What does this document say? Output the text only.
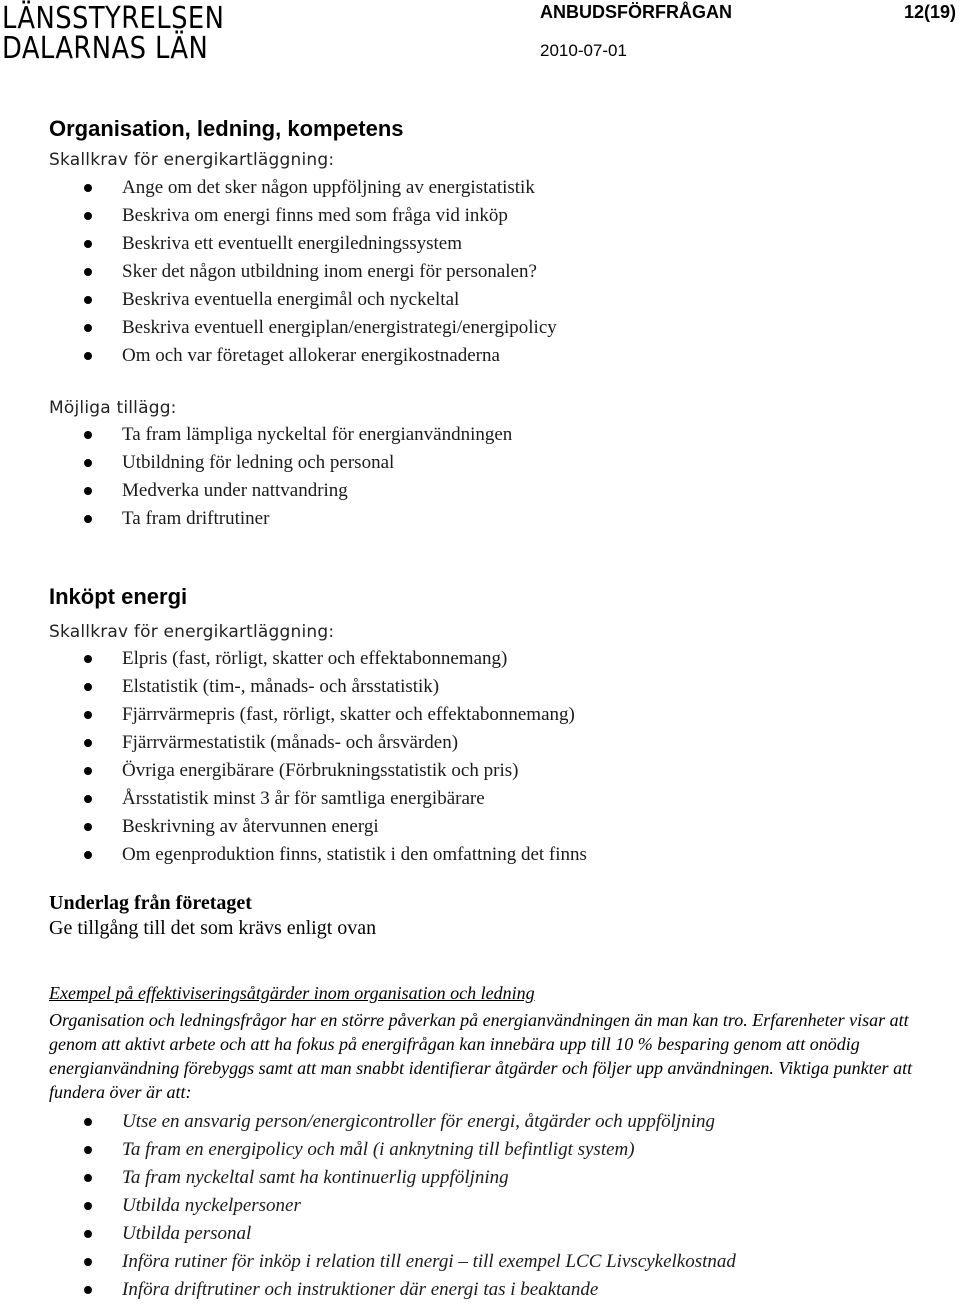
LÄNSSTYRELSEN
DALARNAS LÄN
ANBUDSFÖRFRÅGAN	12(19)
2010-07-01
Organisation, ledning, kompetens
Skallkrav för energikartläggning:
Ange om det sker någon uppföljning av energistatistik
Beskriva om energi finns med som fråga vid inköp
Beskriva ett eventuellt energiledningssystem
Sker det någon utbildning inom energi för personalen?
Beskriva eventuella energimål och nyckeltal
Beskriva eventuell energiplan/energistrategi/energipolicy
Om och var företaget allokerar energikostnaderna
Möjliga tillägg:
Ta fram lämpliga nyckeltal för energianvändningen
Utbildning för ledning och personal
Medverka under nattvandring
Ta fram driftrutiner
Inköpt energi
Skallkrav för energikartläggning:
Elpris (fast, rörligt, skatter och effektabonnemang)
Elstatistik (tim-, månads- och årsstatistik)
Fjärrvärmepris (fast, rörligt, skatter och effektabonnemang)
Fjärrvärmestatistik (månads- och årsvärden)
Övriga energibärare (Förbrukningsstatistik och pris)
Årsstatistik minst 3 år för samtliga energibärare
Beskrivning av återvunnen energi
Om egenproduktion finns, statistik i den omfattning det finns
Underlag från företaget
Ge tillgång till det som krävs enligt ovan
Exempel på effektiviseringsåtgärder inom organisation och ledning
Organisation och ledningsfrågor har en större påverkan på energianvändningen än man kan tro. Erfarenheter visar att genom att aktivt arbete och att ha fokus på energifrågan kan innebära upp till 10 % besparing genom att onödig energianvändning förebyggs samt att man snabbt identifierar åtgärder och följer upp användningen. Viktiga punkter att fundera över är att:
Utse en ansvarig person/energicontroller för energi, åtgärder och uppföljning
Ta fram en energipolicy och mål (i anknytning till befintligt system)
Ta fram nyckeltal samt ha kontinuerlig uppföljning
Utbilda nyckelpersoner
Utbilda personal
Införa rutiner för inköp i relation till energi – till exempel LCC Livscykelkostnad
Införa driftrutiner och instruktioner där energi tas i beaktande
